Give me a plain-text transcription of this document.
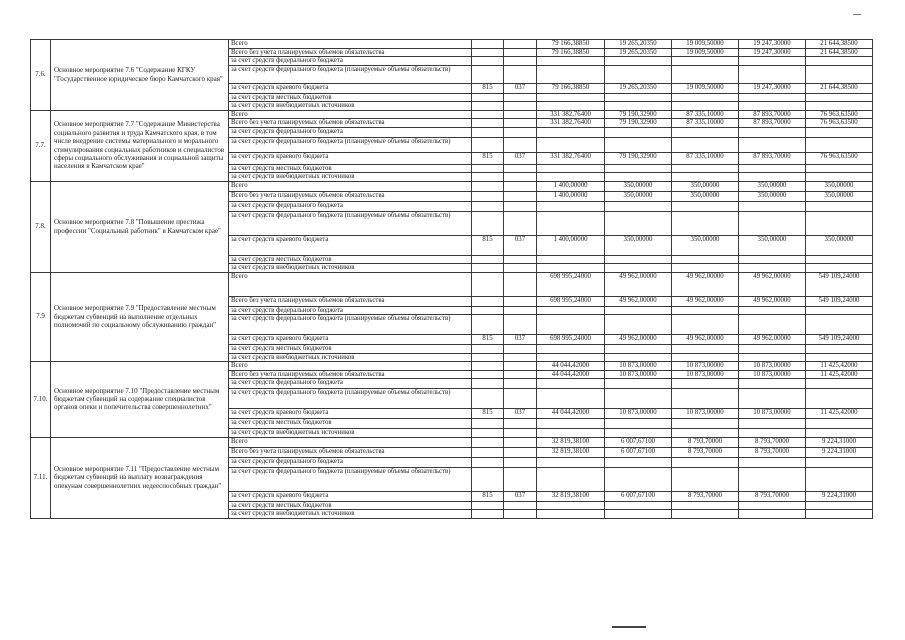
7.6.	Основное мероприятие 7.6 "Содержание КГКУ "Государственное юридическое бюро Камчатского края"	Всего			79 166,38850	19 265,20350	19 009,50000	19 247,30000	21 644,38500
		Всего без учета планируемых объемов обязательства			79 166,38850	19 265,20350	19 009,50000	19 247,30000	21 644,38500
		за счет средств федерального бюджета							
		за счет средств федерального бюджета (планируемые объемы обязательств)							
		за счет средств краевого бюджета	815	037	79 166,38850	19 265,20350	19 009,50000	19 247,30000	21 644,38500
		за счет средств местных бюджетов							
		за счет средств внебюджетных источников							
7.7.	Основное мероприятие 7.7 "Содержание Министерства социального развития и труда Камчатского края, в том числе внедрение системы материального и морального стимулирования социальных работников и специалистов сферы социального обслуживания и социальной защиты населения в Камчатском крае"	Всего			331 382,76400	79 190,32900	87 335,10000	87 893,70000	76 963,63500
		Всего без учета планируемых объемов обязательства			331 382,76400	79 190,32900	87 335,10000	87 893,70000	76 963,63500
		за счет средств федерального бюджета							
		за счет средств федерального бюджета (планируемые объемы обязательств)							
		за счет средств краевого бюджета	815	037	331 382,76400	79 190,32900	87 335,10000	87 893,70000	76 963,63500
		за счет средств местных бюджетов							
		за счет средств внебюджетных источников							
7.8.	Основное мероприятие 7.8 "Повышение престижа профессии "Социальный работник" в Камчатском крае"	Всего			1 400,00000	350,00000	350,00000	350,00000	350,00000
		Всего без учета планируемых объемов обязательства			1 400,00000	350,00000	350,00000	350,00000	350,00000
		за счет средств федерального бюджета							
		за счет средств федерального бюджета (планируемые объемы обязательств)							
		за счет средств краевого бюджета	815	037	1 400,00000	350,00000	350,00000	350,00000	350,00000
		за счет средств местных бюджетов							
		за счет средств внебюджетных источников							
7.9	Основное мероприятие 7.9 "Предоставление местным бюджетам субвенций на выполнение отдельных полномочий по социальному обслуживанию граждан"	Всего			698 995,24000	49 962,00000	49 962,00000	49 962,00000	549 109,24000
		Всего без учета планируемых объемов обязательства			698 995,24000	49 962,00000	49 962,00000	49 962,00000	549 109,24000
		за счет средств федерального бюджета							
		за счет средств федерального бюджета (планируемые объемы обязательств)							
		за счет средств краевого бюджета	815	037	698 995,24000	49 962,00000	49 962,00000	49 962,00000	549 109,24000
		за счет средств местных бюджетов							
		за счет средств внебюджетных источников							
7.10.	Основное мероприятие 7.10 "Предоставление местным бюджетам субвенций на содержание специалистов органов опеки и попечительства совершеннолетних"	Всего			44 044,42000	10 873,00000	10 873,00000	10 873,00000	11 425,42000
		Всего без учета планируемых объемов обязательства			44 044,42000	10 873,00000	10 873,00000	10 873,00000	11 425,42000
		за счет средств федерального бюджета							
		за счет средств федерального бюджета (планируемые объемы обязательств)							
		за счет средств краевого бюджета	815	037	44 044,42000	10 873,00000	10 873,00000	10 873,00000	11 425,42000
		за счет средств местных бюджетов							
		за счет средств внебюджетных источников							
7.11.	Основное мероприятие 7.11 "Предоставление местным бюджетам субвенций на выплату вознаграждения опекунам совершеннолетних недееспособных граждан"	Всего			32 819,38100	6 007,67100	8 793,70000	8 793,70000	9 224,31000
		Всего без учета планируемых объемов обязательства			32 819,38100	6 007,67100	8 793,70000	8 793,70000	9 224,31000
		за счет средств федерального бюджета							
		за счет средств федерального бюджета (планируемые объемы обязательств)							
		за счет средств краевого бюджета	815	037	32 819,38100	6 007,67100	8 793,70000	8 793,70000	9 224,31000
		за счет средств местных бюджетов							
		за счет средств внебюджетных источников							
